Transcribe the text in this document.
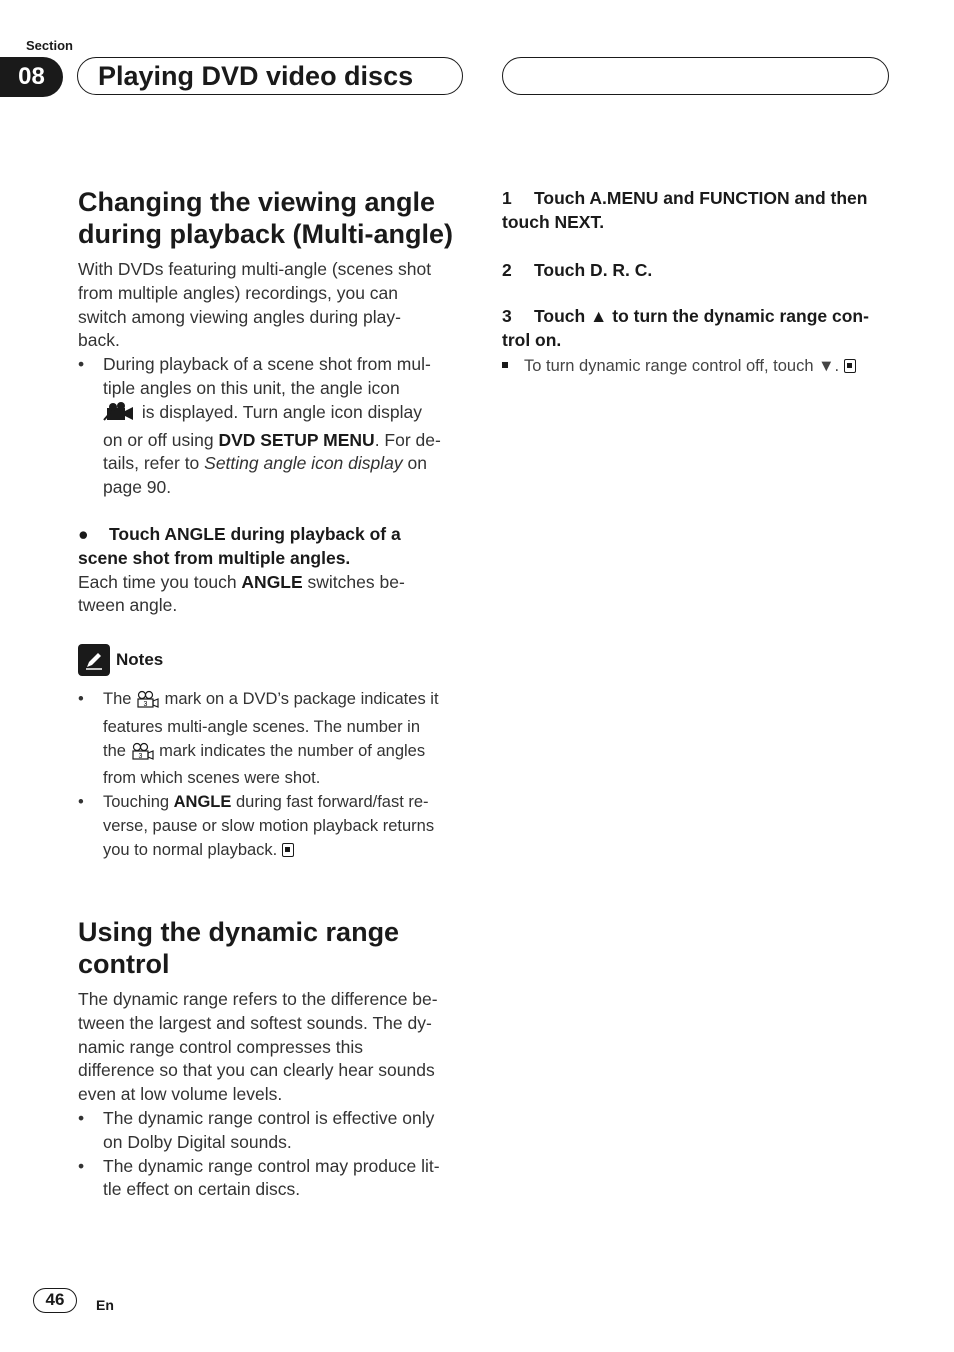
Section
08	Playing DVD video discs
Changing the viewing angle
during playback (Multi-angle)

With DVDs featuring multi-angle (scenes shot
from multiple angles) recordings, you can
switch among viewing angles during play-
back.

• During playback of a scene shot from mul-
tiple angles on this unit, the angle icon
is displayed. Turn angle icon display
on or off using DVD SETUP MENU. For de-
tails, refer to Setting angle icon display on
page 90.

● Touch ANGLE during playback of a
scene shot from multiple angles.

Each time you touch ANGLE switches be-
tween angle.

Notes
• The 3 mark on a DVD’s package indicates it
features multi-angle scenes. The number in
the 3 mark indicates the number of angles
from which scenes were shot.
• Touching ANGLE during fast forward/fast re-
verse, pause or slow motion playback returns
you to normal playback.
Using the dynamic range
control

The dynamic range refers to the difference be-
tween the largest and softest sounds. The dy-
namic range control compresses this
difference so that you can clearly hear sounds
even at low volume levels.

• The dynamic range control is effective only
on Dolby Digital sounds.
• The dynamic range control may produce lit-
tle effect on certain discs.

1 Touch A.MENU and FUNCTION and then
touch NEXT.

2 Touch D. R. C.

3 Touch ▲ to turn the dynamic range con-
trol on.

To turn dynamic range control off, touch ▼.

46	En
